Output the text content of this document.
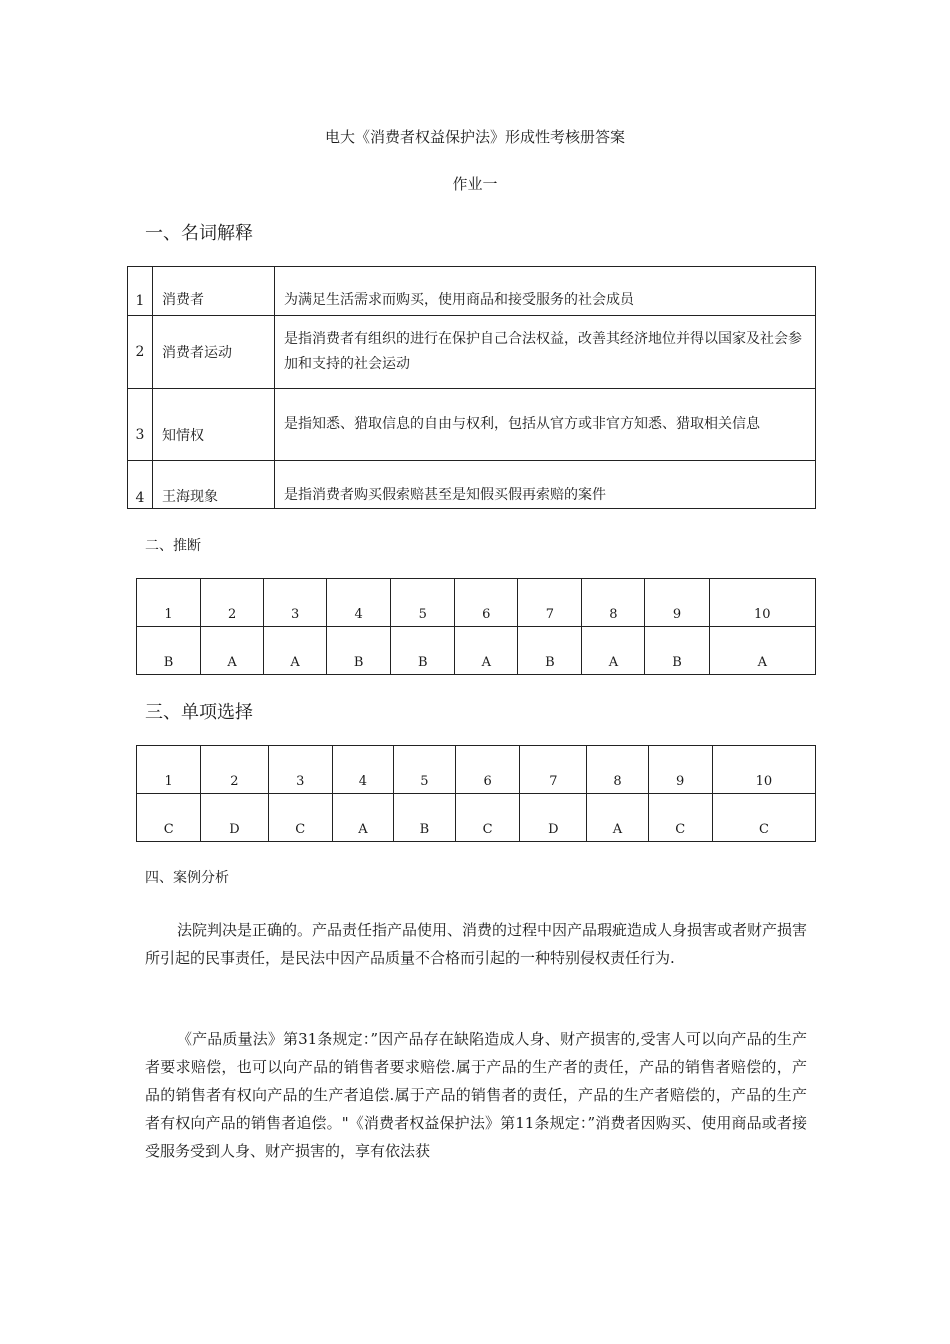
电大《消费者权益保护法》形成性考核册答案
作业一
一、名词解释
1	消费者	为满足生活需求而购买，使用商品和接受服务的社会成员
2	消费者运动	是指消费者有组织的进行在保护自己合法权益，改善其经济地位并得以国家及社会参加和支持的社会运动
3	知情权	是指知悉、猎取信息的自由与权利，包括从官方或非官方知悉、猎取相关信息
4	王海现象	是指消费者购买假索赔甚至是知假买假再索赔的案件
二、推断
1	2	3	4	5	6	7	8	9	10
B	A	A	B	B	A	B	A	B	A
三、单项选择
1	2	3	4	5	6	7	8	9	10
C	D	C	A	B	C	D	A	C	C
四、案例分析
法院判决是正确的。产品责任指产品使用、消费的过程中因产品瑕疵造成人身损害或者财产损害所引起的民事责任，是民法中因产品质量不合格而引起的一种特别侵权责任行为.
《产品质量法》第31条规定：”因产品存在缺陷造成人身、财产损害的,受害人可以向产品的生产者要求赔偿，也可以向产品的销售者要求赔偿.属于产品的生产者的责任，产品的销售者赔偿的，产品的销售者有权向产品的生产者追偿.属于产品的销售者的责任，产品的生产者赔偿的，产品的生产者有权向产品的销售者追偿。"《消费者权益保护法》第11条规定：”消费者因购买、使用商品或者接受服务受到人身、财产损害的，享有依法获
